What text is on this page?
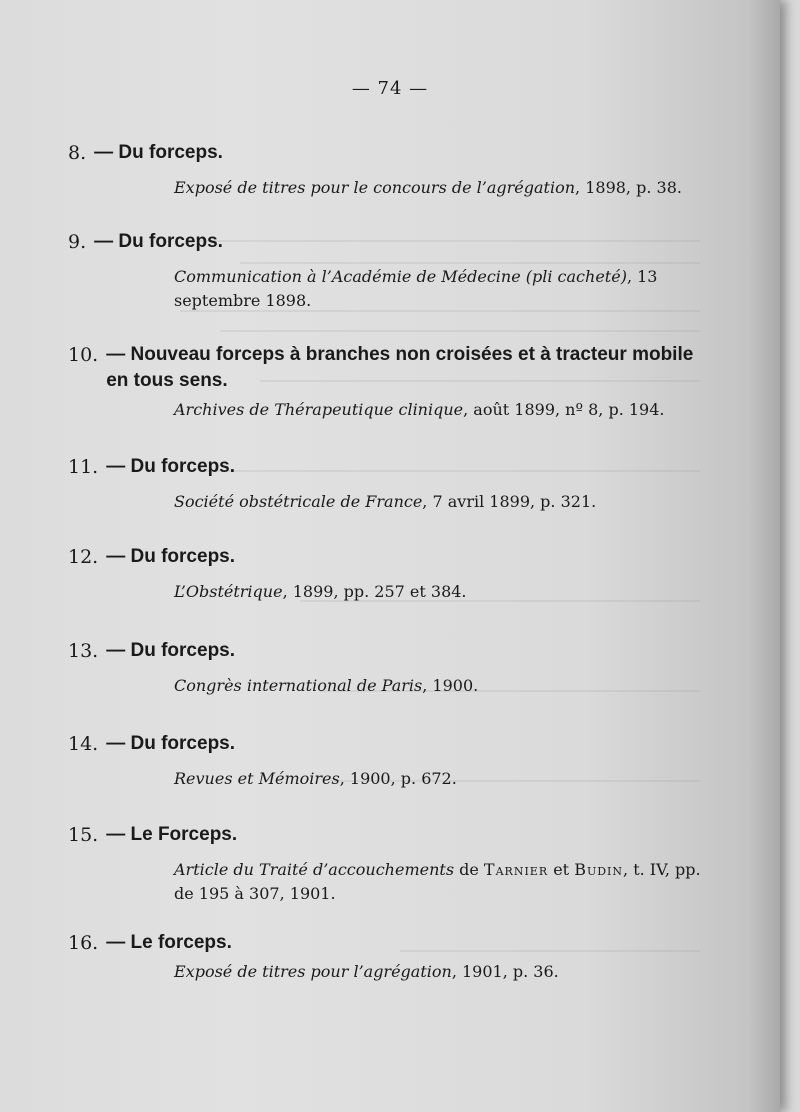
— 74 —
8. — Du forceps.
Exposé de titres pour le concours de l’agrégation, 1898, p. 38.
9. — Du forceps.
Communication à l’Académie de Médecine (pli cacheté), 13 septembre 1898.
10. — Nouveau forceps à branches non croisées et à tracteur mobile en tous sens.
Archives de Thérapeutique clinique, août 1899, nº 8, p. 194.
11. — Du forceps.
Société obstétricale de France, 7 avril 1899, p. 321.
12. — Du forceps.
L’Obstétrique, 1899, pp. 257 et 384.
13. — Du forceps.
Congrès international de Paris, 1900.
14. — Du forceps.
Revues et Mémoires, 1900, p. 672.
15. — Le Forceps.
Article du Traité d’accouchements de Tarnier et Budin, t. IV, pp. de 195 à 307, 1901.
16. — Le forceps.
Exposé de titres pour l’agrégation, 1901, p. 36.
